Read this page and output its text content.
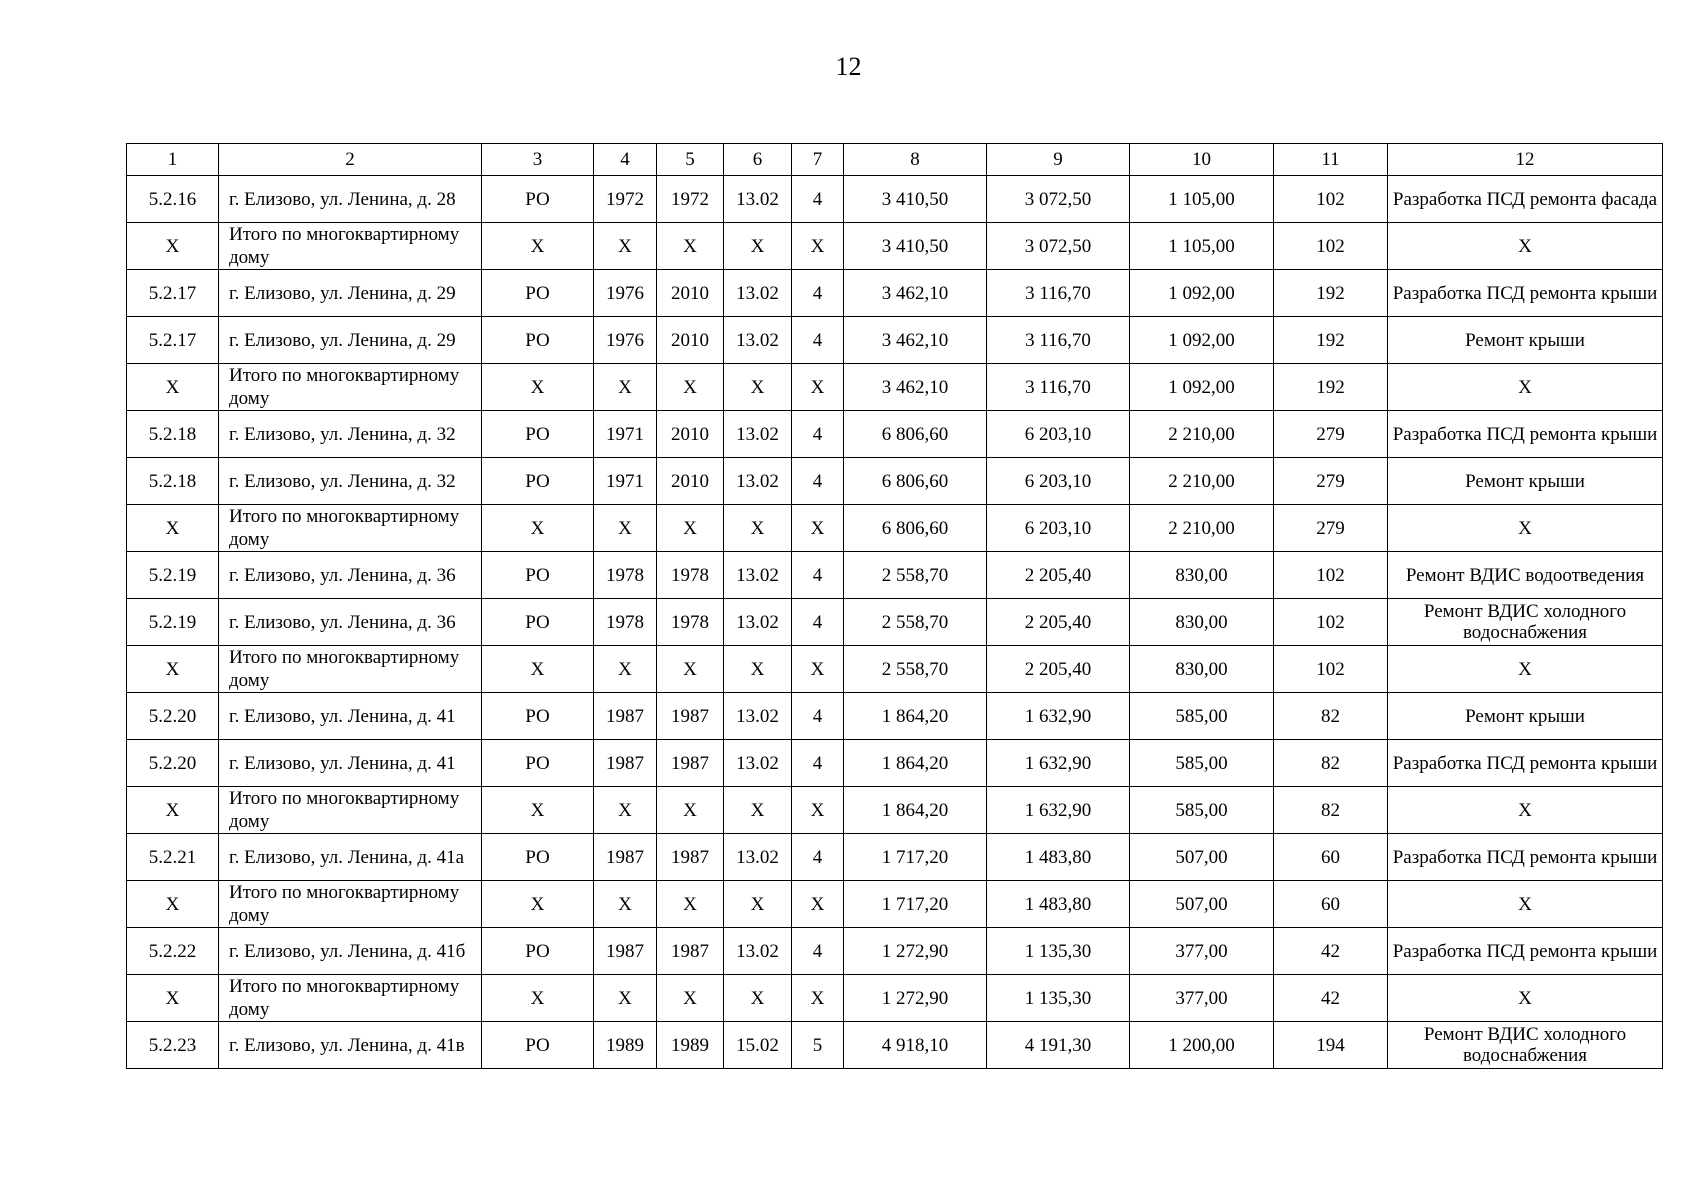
12
1	2	3	4	5	6	7	8	9	10	11	12
5.2.16	г. Елизово, ул. Ленина, д. 28	РО	1972	1972	13.02	4	3 410,50	3 072,50	1 105,00	102	Разработка ПСД ремонта фасада
X	Итого по многоквартирному дому	X	X	X	X	X	3 410,50	3 072,50	1 105,00	102	X
5.2.17	г. Елизово, ул. Ленина, д. 29	РО	1976	2010	13.02	4	3 462,10	3 116,70	1 092,00	192	Разработка ПСД ремонта крыши
5.2.17	г. Елизово, ул. Ленина, д. 29	РО	1976	2010	13.02	4	3 462,10	3 116,70	1 092,00	192	Ремонт крыши
X	Итого по многоквартирному дому	X	X	X	X	X	3 462,10	3 116,70	1 092,00	192	X
5.2.18	г. Елизово, ул. Ленина, д. 32	РО	1971	2010	13.02	4	6 806,60	6 203,10	2 210,00	279	Разработка ПСД ремонта крыши
5.2.18	г. Елизово, ул. Ленина, д. 32	РО	1971	2010	13.02	4	6 806,60	6 203,10	2 210,00	279	Ремонт крыши
X	Итого по многоквартирному дому	X	X	X	X	X	6 806,60	6 203,10	2 210,00	279	X
5.2.19	г. Елизово, ул. Ленина, д. 36	РО	1978	1978	13.02	4	2 558,70	2 205,40	830,00	102	Ремонт ВДИС водоотведения
5.2.19	г. Елизово, ул. Ленина, д. 36	РО	1978	1978	13.02	4	2 558,70	2 205,40	830,00	102	Ремонт ВДИС холодного водоснабжения
X	Итого по многоквартирному дому	X	X	X	X	X	2 558,70	2 205,40	830,00	102	X
5.2.20	г. Елизово, ул. Ленина, д. 41	РО	1987	1987	13.02	4	1 864,20	1 632,90	585,00	82	Ремонт крыши
5.2.20	г. Елизово, ул. Ленина, д. 41	РО	1987	1987	13.02	4	1 864,20	1 632,90	585,00	82	Разработка ПСД ремонта крыши
X	Итого по многоквартирному дому	X	X	X	X	X	1 864,20	1 632,90	585,00	82	X
5.2.21	г. Елизово, ул. Ленина, д. 41а	РО	1987	1987	13.02	4	1 717,20	1 483,80	507,00	60	Разработка ПСД ремонта крыши
X	Итого по многоквартирному дому	X	X	X	X	X	1 717,20	1 483,80	507,00	60	X
5.2.22	г. Елизово, ул. Ленина, д. 41б	РО	1987	1987	13.02	4	1 272,90	1 135,30	377,00	42	Разработка ПСД ремонта крыши
X	Итого по многоквартирному дому	X	X	X	X	X	1 272,90	1 135,30	377,00	42	X
5.2.23	г. Елизово, ул. Ленина, д. 41в	РО	1989	1989	15.02	5	4 918,10	4 191,30	1 200,00	194	Ремонт ВДИС холодного водоснабжения
